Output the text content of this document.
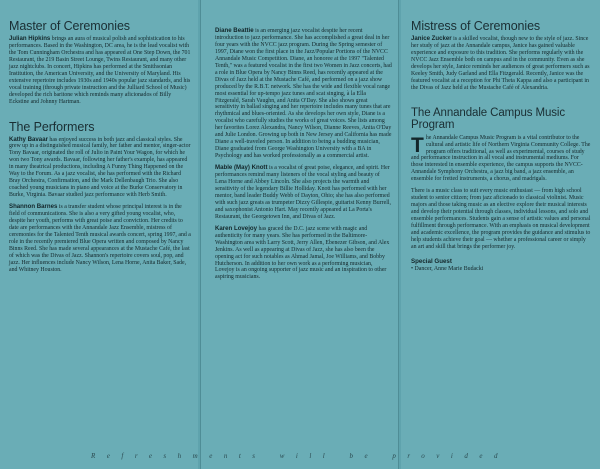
Master of Ceremonies

Julian Hipkins brings an aura of musical polish and sophistication to his performances. Based in the Washington, DC area, he is the lead vocalist with the Tom Cunningham Orchestra and has appeared at One Step Down, the 701 Restaurant, the 219 Basin Street Lounge, Twins Restaurant, and many other jazz nightclubs. In concert, Hipkins has performed at the Smithsonian Institution, the American University, and the University of Maryland. His extensive repertoire includes 1930s and 1940s popular jazz standards, and his vocal training (through private instruction and the Julliard School of Music) developed the rich baritone which reminds many aficionados of Billy Eckstine and Johnny Hartman.

The Performers

Kathy Bavaar has enjoyed success in both jazz and classical styles. She grew up in a distinguished musical family, her father and mentor, singer-actor Tony Bavaar, originated the roll of Julio in Paint Your Wagon, for which he won two Tony awards. Bavaar, following her father's example, has appeared in many theatrical productions, including A Funny Thing Happened on the Way to the Forum. As a jazz vocalist, she has performed with the Richard Bray Orchestra, Confirmation, and the Mark Dellenbaugh Trio. She also coached young musicians in piano and voice at the Burke Conservatory in Burke, Virginia. Bavaar studied jazz performance with Herb Smith.

Shannon Barnes is a transfer student whose principal interest is in the field of communications. She is also a very gifted young vocalist, who, despite her youth, performs with great poise and conviction. Her credits to date are performances with the Annandale Jazz Ensemble, mistress of ceremonies for the Talented Tenth musical awards concert, spring 1997, and a role in the recently premiered Blue Opera written and composed by Nancy Binns Reed. She has made several appearances at the Mustache Café, the last of which was the Divas of Jazz. Shannon's repertoire covers soul, pop, and jazz. Her influences include Nancy Wilson, Lena Horne, Anita Baker, Sade, and Whitney Houston.

Diane Beattie is an emerging jazz vocalist despite her recent introduction to jazz performance. She has accomplished a great deal in her four years with the NVCC jazz program. During the Spring semester of 1997, Diane won the first place in the Jazz/Popular Portions of the NVCC Annandale Music Competition. Diane, an honoree at the 1997 "Talented Tenth," was a featured vocalist in the first two Women in Jazz concerts, had a role in Blue Opera by Nancy Binns Reed, has recently appeared at the Divas of Jazz held at the Mustache Café, and performed on a jazz show produced by the R.B.T. network. She has the wide and flexible vocal range most essential for up-tempo jazz tunes and scat singing, à la Ella Fitzgerald, Sarah Vaughn, and Anita O'Day. She also shows great sensitivity in ballad singing and her repertoire includes many tunes that are rhythmical and blues-oriented. As she develops her own style, Diane is a vocalist who carefully studies the works of great voices. She lists among her favorites Lorez Alexandra, Nancy Wilson, Dianne Reeves, Anita O'Day and Julie London. Growing up both in New Jersey and California has made Diane a well-traveled person. In addition to being a budding musician, Diane graduated from George Washington University with a BA in Psychology and has worked professionally as a commercial artist.

Mable (May) Knott is a vocalist of great poise, elegance, and spirit. Her performances remind many listeners of the vocal styling and beauty of Lena Horne and Abbey Lincoln. She also projects the warmth and sensitivity of the legendary Billie Holliday. Knott has performed with her mentor, band leader Buddy Webb of Dayton, Ohio; she has also performed with such jazz greats as trumpeter Dizzy Gillespie, guitarist Kenny Burrell, and saxophonist Antonio Hart. May recently appeared at La Porta's Restaurant, the Georgetown Inn, and Divas of Jazz.

Karen Lovejoy has graced the D.C. jazz scene with magic and authenticity for many years. She has performed in the Baltimore-Washington area with Larry Scott, Jerry Allen, Ebenezer Gibson, and Alex Jenkins. As well as appearing at Divas of Jazz, she has also been the opening act for such notables as Ahmad Jamal, Joe Williams, and Bobby Hutcherson. In addition to her own work as a performing musician, Lovejoy is an ongoing supporter of jazz music and an inspiration to other aspiring musicians.

Mistress of Ceremonies

Janice Zucker is a skilled vocalist, though new to the style of jazz. Since her study of jazz at the Annandale campus, Janice has gained valuable experience and exposure to this tradition. She performs regularly with the NVCC Jazz Ensemble both on campus and in the community. Even as she develops her style, Janice reminds her audiences of great performers such as Keeley Smith, Judy Garland and Ella Fitzgerald. Recently, Janice was the featured vocalist at a reception for Phi Theta Kappa and also a participant in the Divas of Jazz held at the Mustache Café of Alexandria.

The Annandale Campus Music Program

The Annandale Campus Music Program is a vital contributor to the cultural and artistic life of Northern Virginia Community College. The program offers traditional, as well as experimental, courses of study and performance instruction in all vocal and instrumental mediums. For those interested in ensemble experience, the campus supports the NVCC-Annandale Symphony Orchestra, a jazz big band, a jazz ensemble, an ensemble for fretted instruments, a chorus, and madrigals.

There is a music class to suit every music enthusiast — from high school student to senior citizen; from jazz aficionado to classical violinist. Music majors and those taking music as an elective explore their musical interests and develop their potential through classes, individual lessons, and solo and ensemble performances. Students gain a sense of artistic values and personal fulfillment through performance. With an emphasis on musical development and academic excellence, the program provides the guidance and stimulus to help students achieve their goal — whether a professional career or simply an art and skill that brings the performer joy.

Special Guest
• Dancer, Anne Marie Budacki
Refreshments will be provided
